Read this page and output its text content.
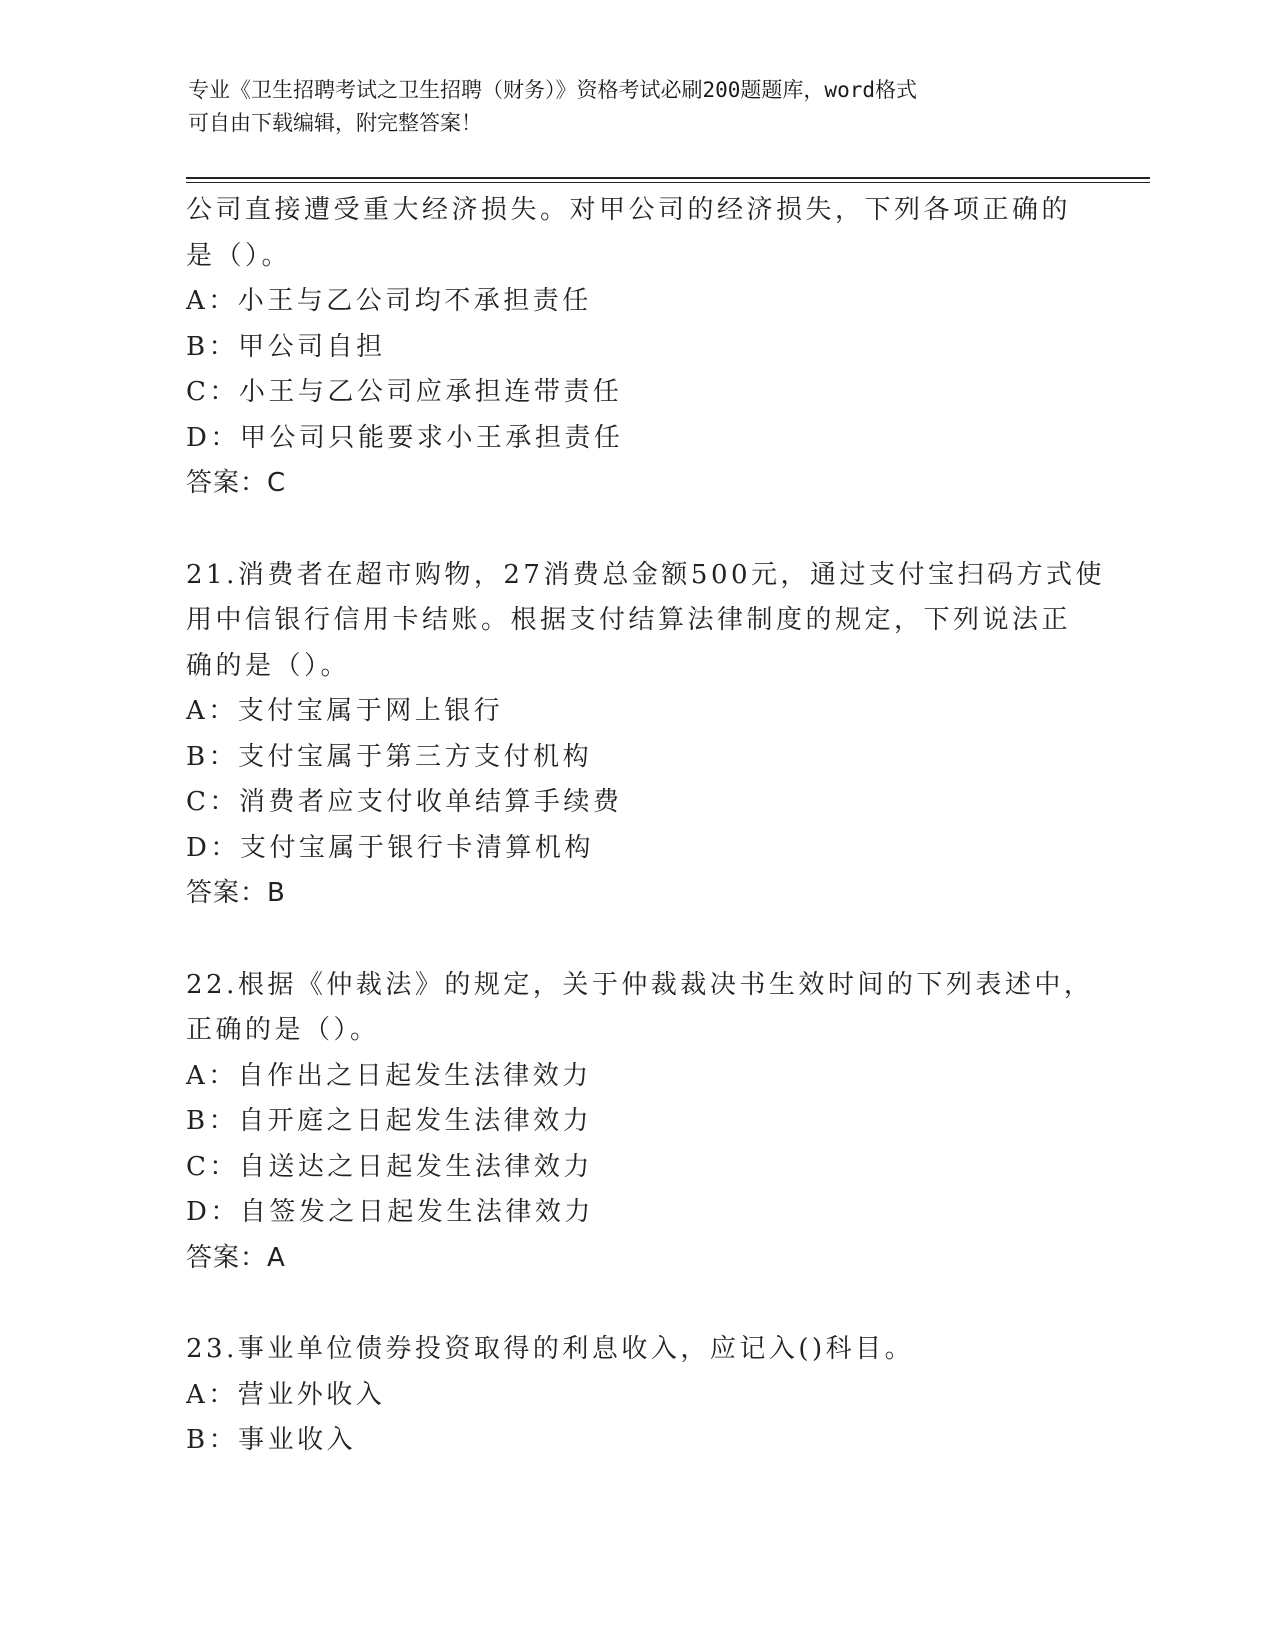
专业《卫生招聘考试之卫生招聘（财务）》资格考试必刷200题题库，word格式
可自由下载编辑，附完整答案！
公司直接遭受重大经济损失。对甲公司的经济损失，下列各项正确的
是（）。
A：小王与乙公司均不承担责任
B：甲公司自担
C：小王与乙公司应承担连带责任
D：甲公司只能要求小王承担责任
答案：C
21.消费者在超市购物，27消费总金额500元，通过支付宝扫码方式使
用中信银行信用卡结账。根据支付结算法律制度的规定，下列说法正
确的是（）。
A：支付宝属于网上银行
B：支付宝属于第三方支付机构
C：消费者应支付收单结算手续费
D：支付宝属于银行卡清算机构
答案：B
22.根据《仲裁法》的规定，关于仲裁裁决书生效时间的下列表述中，
正确的是（）。
A：自作出之日起发生法律效力
B：自开庭之日起发生法律效力
C：自送达之日起发生法律效力
D：自签发之日起发生法律效力
答案：A
23.事业单位债券投资取得的利息收入，应记入()科目。
A：营业外收入
B：事业收入
